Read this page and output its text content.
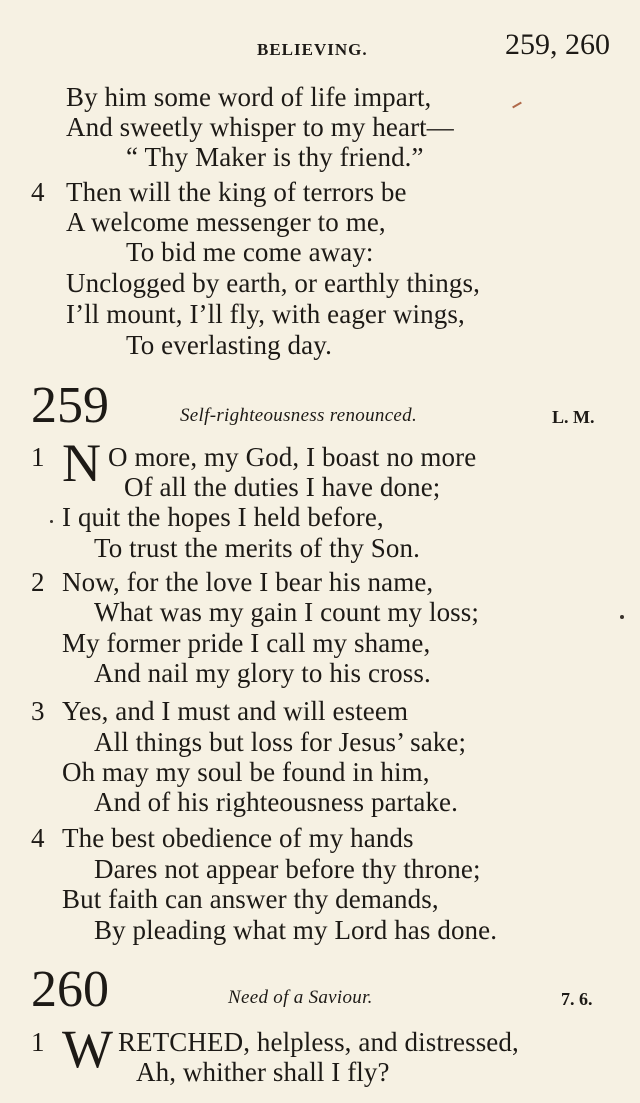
BELIEVING.	259, 260
By him some word of life impart,
And sweetly whisper to my heart—
“ Thy Maker is thy friend.”
4 Then will the king of terrors be
A welcome messenger to me,
To bid me come away:
Unclogged by earth, or earthly things,
I’ll mount, I’ll fly, with eager wings,
To everlasting day.
259	Self-righteousness renounced.	L. M.
1 N O more, my God, I boast no more
Of all the duties I have done;
I quit the hopes I held before,
To trust the merits of thy Son.
2 Now, for the love I bear his name,
What was my gain I count my loss;
My former pride I call my shame,
And nail my glory to his cross.
3 Yes, and I must and will esteem
All things but loss for Jesus’ sake;
Oh may my soul be found in him,
And of his righteousness partake.
4 The best obedience of my hands
Dares not appear before thy throne;
But faith can answer thy demands,
By pleading what my Lord has done.
260	Need of a Saviour.	7. 6.
1 W RETCHED, helpless, and distressed,
Ah, whither shall I fly?
